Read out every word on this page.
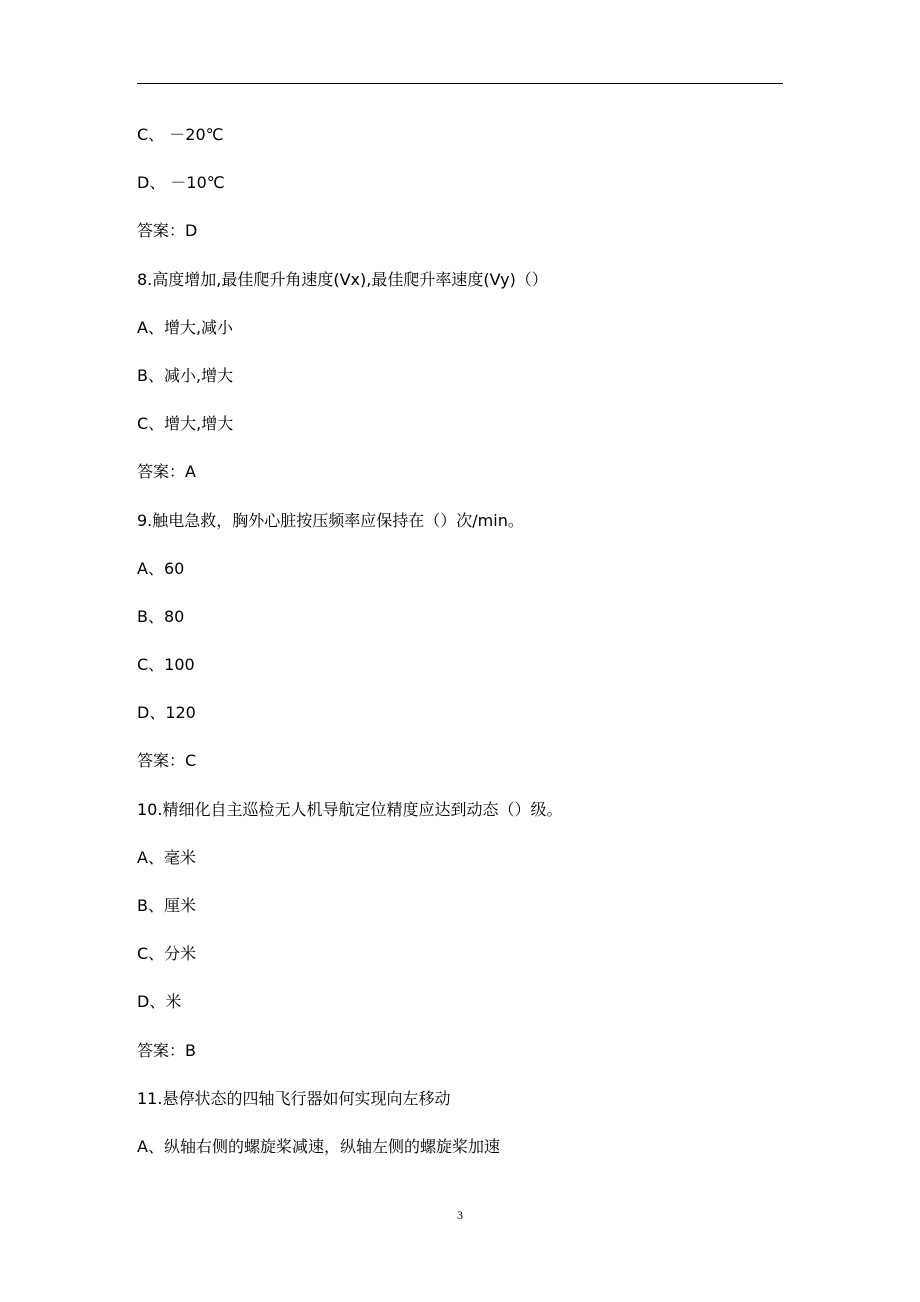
C、 －20℃
D、 －10℃
答案：D
8.高度增加,最佳爬升角速度(Vx),最佳爬升率速度(Vy)（）
A、增大,减小
B、减小,增大
C、增大,增大
答案：A
9.触电急救，胸外心脏按压频率应保持在（）次/min。
A、60
B、80
C、100
D、120
答案：C
10.精细化自主巡检无人机导航定位精度应达到动态（）级。
A、毫米
B、厘米
C、分米
D、米
答案：B
11.悬停状态的四轴飞行器如何实现向左移动
A、纵轴右侧的螺旋桨减速，纵轴左侧的螺旋桨加速
3
